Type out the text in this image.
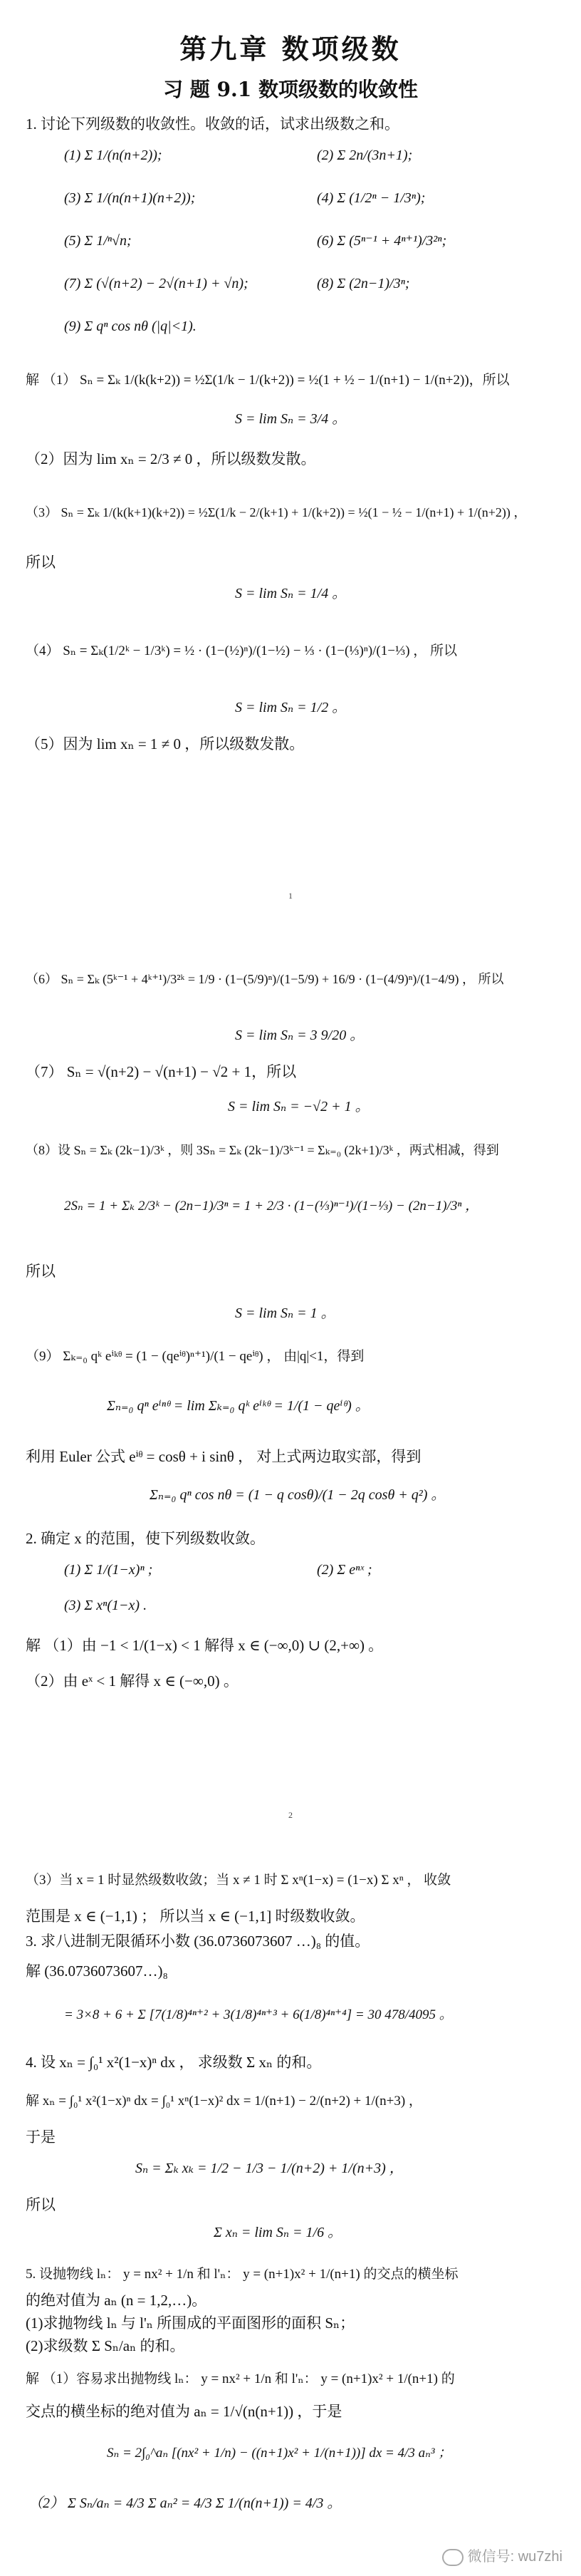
第九章 数项级数
习 题 9.1 数项级数的收敛性
1. 讨论下列级数的收敛性。收敛的话，试求出级数之和。
(1) Σ 1/(n(n+2));	(2) Σ 2n/(3n+1);
(3) Σ 1/(n(n+1)(n+2));	(4) Σ (1/2ⁿ − 1/3ⁿ);
(5) Σ 1/ⁿ√n;	(6) Σ (5ⁿ⁻¹ + 4ⁿ⁺¹)/3²ⁿ;
(7) Σ (√(n+2) − 2√(n+1) + √n);	(8) Σ (2n−1)/3ⁿ;
(9) Σ qⁿ cos nθ (|q|<1).
解 （1） Sₙ = Σₖ 1/(k(k+2)) = ½Σ(1/k − 1/(k+2)) = ½(1 + ½ − 1/(n+1) − 1/(n+2))，所以
S = lim Sₙ = 3/4 。
（2）因为 lim xₙ = 2/3 ≠ 0 ，所以级数发散。
（3） Sₙ = Σₖ 1/(k(k+1)(k+2)) = ½Σ(1/k − 2/(k+1) + 1/(k+2)) = ½(1 − ½ − 1/(n+1) + 1/(n+2)) ，
所以
S = lim Sₙ = 1/4 。
（4） Sₙ = Σₖ(1/2ᵏ − 1/3ᵏ) = ½ · (1−(½)ⁿ)/(1−½) − ⅓ · (1−(⅓)ⁿ)/(1−⅓) ， 所以
S = lim Sₙ = 1/2 。
（5）因为 lim xₙ = 1 ≠ 0 ，所以级数发散。
1
（6） Sₙ = Σₖ (5ᵏ⁻¹ + 4ᵏ⁺¹)/3²ᵏ = 1/9 · (1−(5/9)ⁿ)/(1−5/9) + 16/9 · (1−(4/9)ⁿ)/(1−4/9) ， 所以
S = lim Sₙ = 3 9/20 。
（7） Sₙ = √(n+2) − √(n+1) − √2 + 1，所以
S = lim Sₙ = −√2 + 1 。
（8）设 Sₙ = Σₖ (2k−1)/3ᵏ ，则 3Sₙ = Σₖ (2k−1)/3ᵏ⁻¹ = Σₖ₌₀ (2k+1)/3ᵏ ，两式相减，得到
2Sₙ = 1 + Σₖ 2/3ᵏ − (2n−1)/3ⁿ = 1 + 2/3 · (1−(⅓)ⁿ⁻¹)/(1−⅓) − (2n−1)/3ⁿ ，
所以
S = lim Sₙ = 1 。
（9） Σₖ₌₀ qᵏ eⁱᵏᶿ = (1 − (qeⁱᶿ)ⁿ⁺¹)/(1 − qeⁱᶿ) ， 由|q|<1，得到
Σₙ₌₀ qⁿ eⁱⁿᶿ = lim Σₖ₌₀ qᵏ eⁱᵏᶿ = 1/(1 − qeⁱᶿ) 。
利用 Euler 公式 eⁱᶿ = cosθ + i sinθ ， 对上式两边取实部，得到
Σₙ₌₀ qⁿ cos nθ = (1 − q cosθ)/(1 − 2q cosθ + q²) 。
2. 确定 x 的范围，使下列级数收敛。
(1) Σ 1/(1−x)ⁿ ;	(2) Σ eⁿˣ ;
(3) Σ xⁿ(1−x) .
解 （1）由 −1 < 1/(1−x) < 1 解得 x ∈ (−∞,0) ∪ (2,+∞) 。
（2）由 eˣ < 1 解得 x ∈ (−∞,0) 。
2
（3）当 x = 1 时显然级数收敛；当 x ≠ 1 时 Σ xⁿ(1−x) = (1−x) Σ xⁿ ， 收敛
范围是 x ∈ (−1,1) ； 所以当 x ∈ (−1,1] 时级数收敛。
3. 求八进制无限循环小数 (36.0736073607 …)₈ 的值。
解 (36.0736073607…)₈
= 3×8 + 6 + Σ [7(1/8)⁴ⁿ⁺² + 3(1/8)⁴ⁿ⁺³ + 6(1/8)⁴ⁿ⁺⁴] = 30 478/4095 。
4. 设 xₙ = ∫₀¹ x²(1−x)ⁿ dx ， 求级数 Σ xₙ 的和。
解 xₙ = ∫₀¹ x²(1−x)ⁿ dx = ∫₀¹ xⁿ(1−x)² dx = 1/(n+1) − 2/(n+2) + 1/(n+3) ，
于是
Sₙ = Σₖ xₖ = 1/2 − 1/3 − 1/(n+2) + 1/(n+3) ，
所以
Σ xₙ = lim Sₙ = 1/6 。
5. 设抛物线 lₙ： y = nx² + 1/n 和 l'ₙ： y = (n+1)x² + 1/(n+1) 的交点的横坐标
的绝对值为 aₙ (n = 1,2,…)。
(1)求抛物线 lₙ 与 l'ₙ 所围成的平面图形的面积 Sₙ；
(2)求级数 Σ Sₙ/aₙ 的和。
解 （1）容易求出抛物线 lₙ： y = nx² + 1/n 和 l'ₙ： y = (n+1)x² + 1/(n+1) 的
交点的横坐标的绝对值为 aₙ = 1/√(n(n+1)) ，于是
Sₙ = 2∫₀^aₙ [(nx² + 1/n) − ((n+1)x² + 1/(n+1))] dx = 4/3 aₙ³ ；
（2） Σ Sₙ/aₙ = 4/3 Σ aₙ² = 4/3 Σ 1/(n(n+1)) = 4/3 。
微信号: wu7zhi
